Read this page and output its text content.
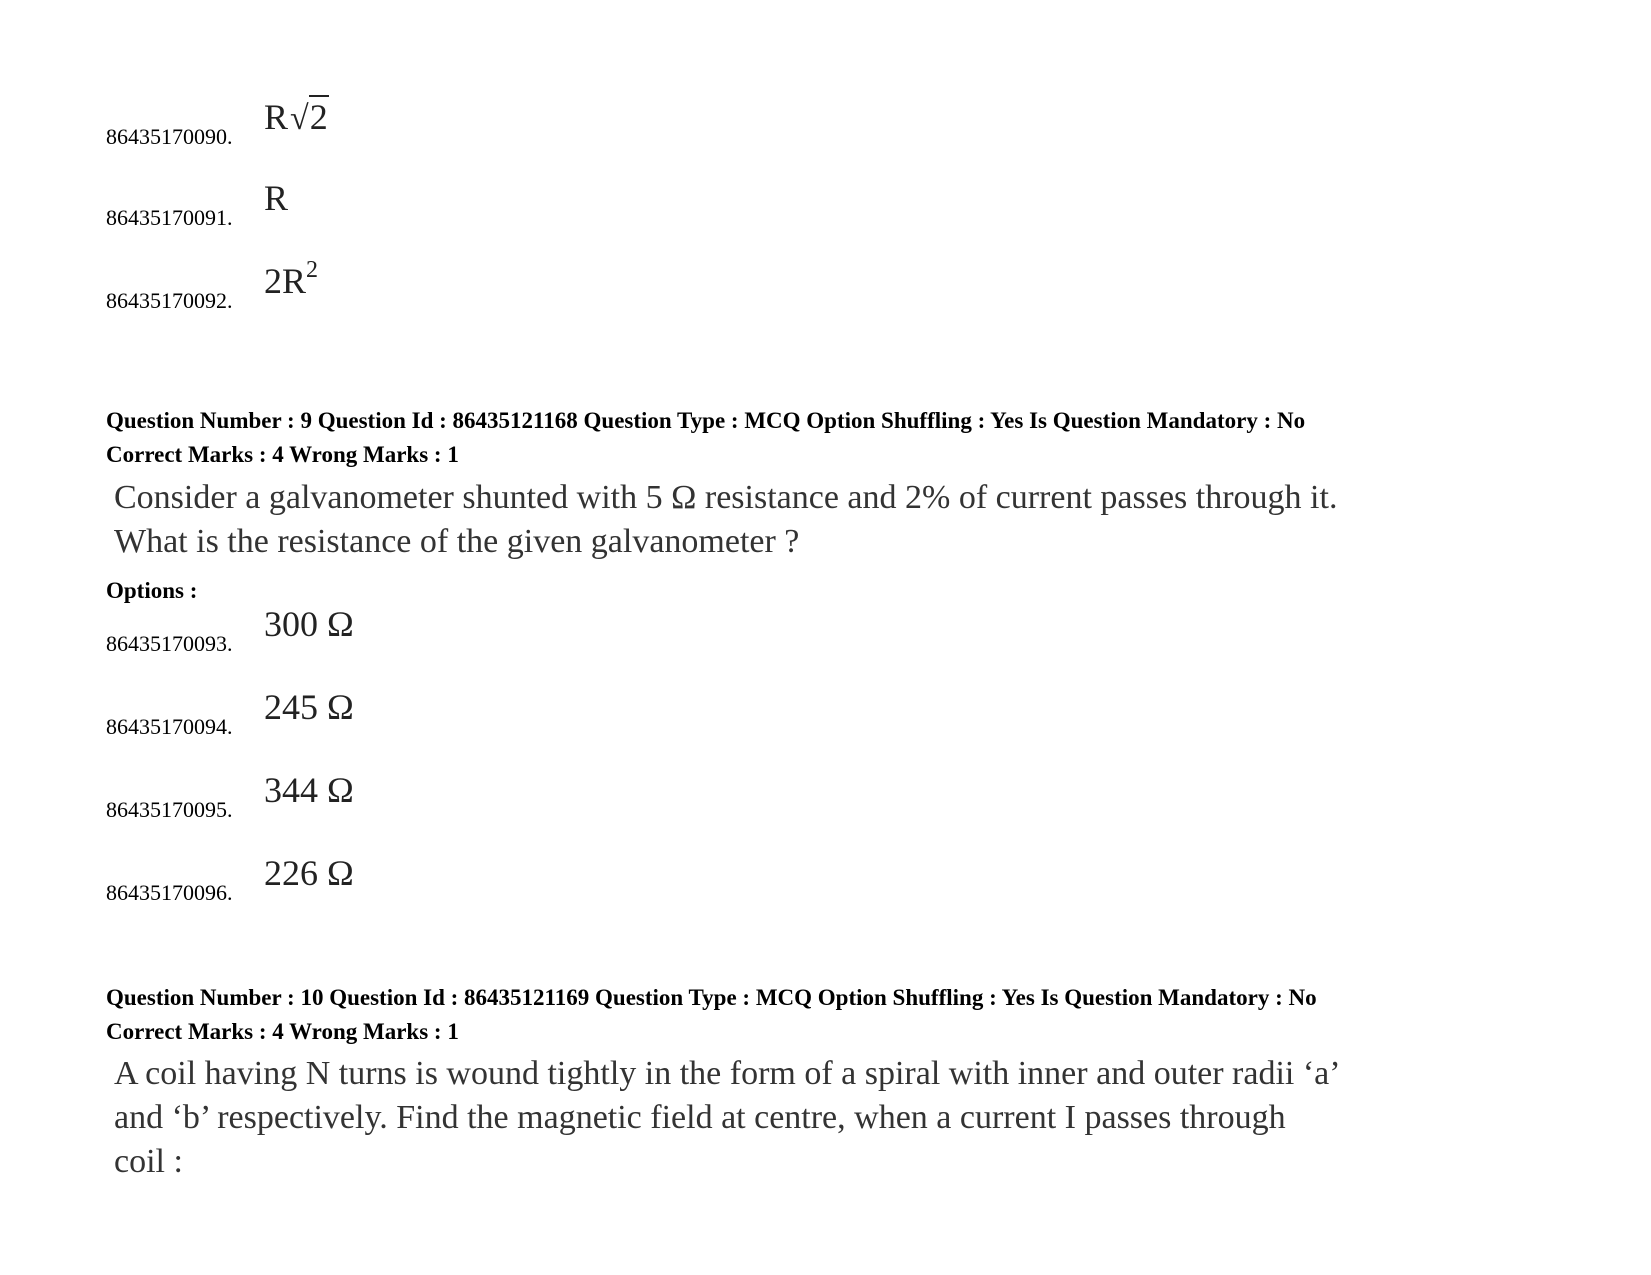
86435170090. R√2
86435170091. R
86435170092. $2R^2$
Question Number : 9 Question Id : 86435121168 Question Type : MCQ Option Shuffling : Yes Is Question Mandatory : No
Correct Marks : 4 Wrong Marks : 1
Consider a galvanometer shunted with 5 Ω resistance and 2% of current passes through it.
What is the resistance of the given galvanometer ?
Options :
86435170093. 300 Ω
86435170094. 245 Ω
86435170095. 344 Ω
86435170096. 226 Ω
Question Number : 10 Question Id : 86435121169 Question Type : MCQ Option Shuffling : Yes Is Question Mandatory : No
Correct Marks : 4 Wrong Marks : 1
A coil having N turns is wound tightly in the form of a spiral with inner and outer radii ‘a’
and ‘b’ respectively. Find the magnetic field at centre, when a current I passes through
coil :
